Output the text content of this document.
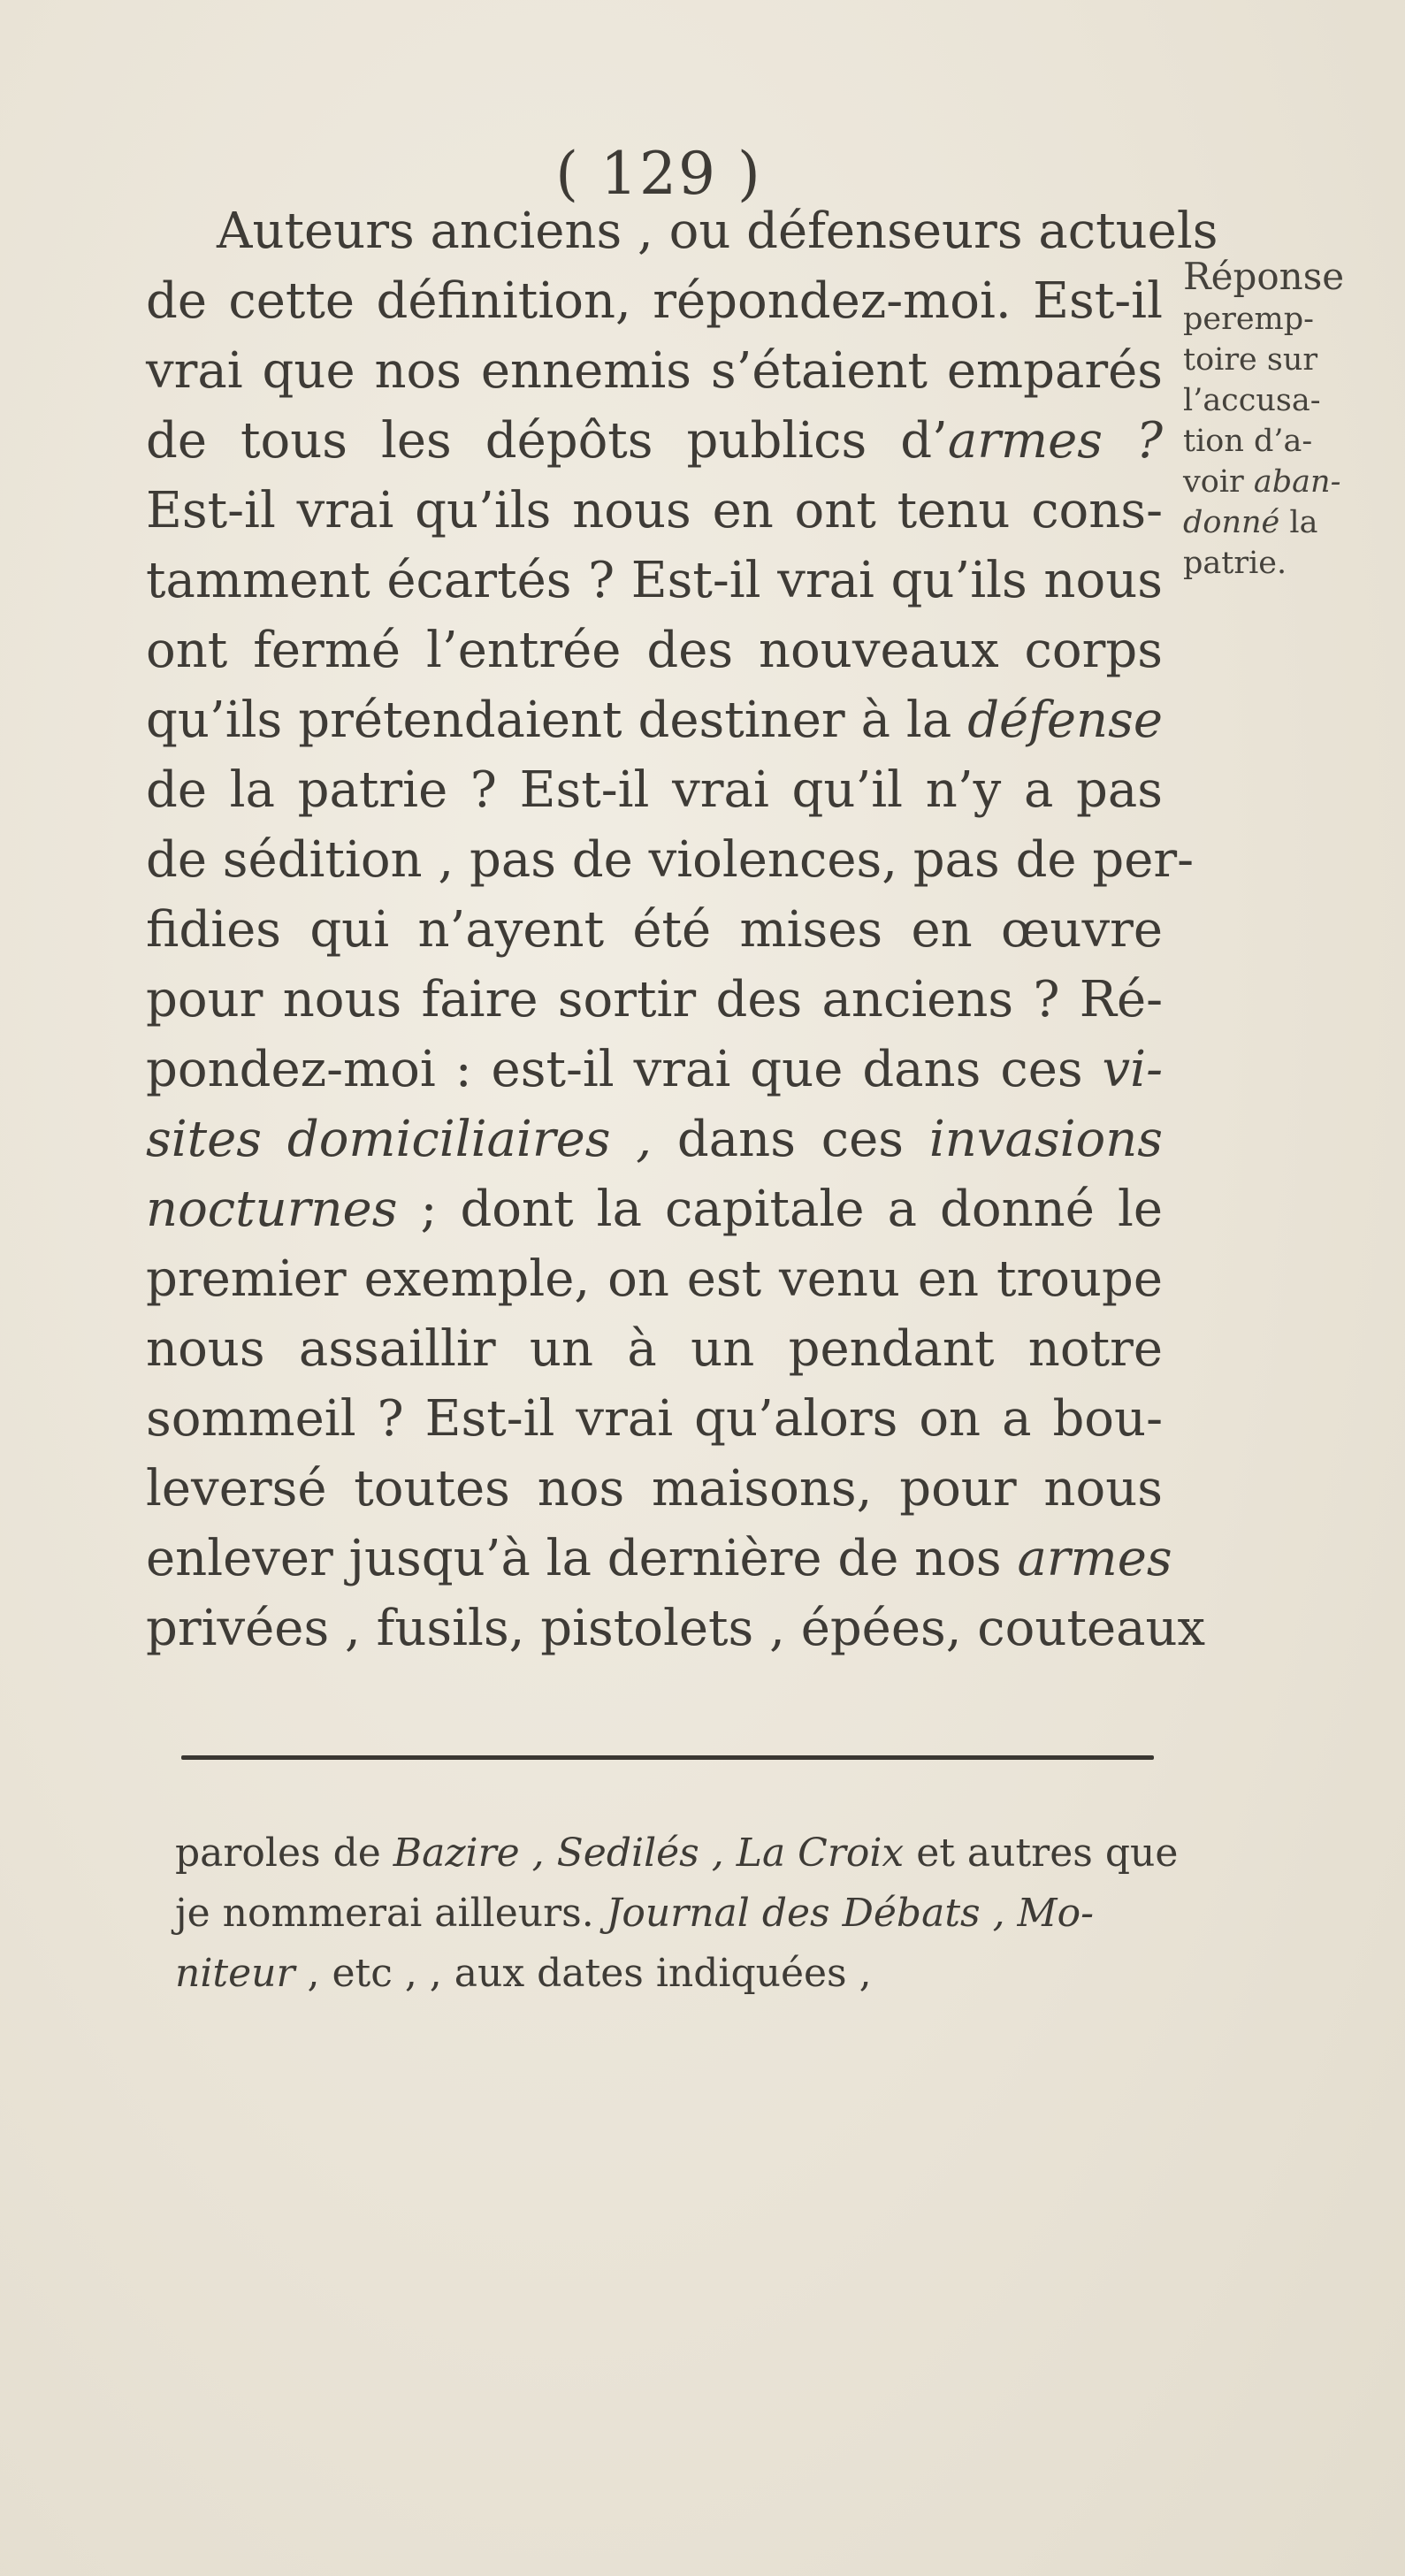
( 129 )
Auteurs anciens , ou défenseurs actuels
de cette définition, répondez-moi. Est-il
vrai que nos ennemis s’étaient emparés
de tous les dépôts publics d’armes ?
Est-il vrai qu’ils nous en ont tenu cons-
tamment écartés ? Est-il vrai qu’ils nous
ont fermé l’entrée des nouveaux corps
qu’ils prétendaient destiner à la défense
de la patrie ? Est-il vrai qu’il n’y a pas
de sédition , pas de violences, pas de per-
fidies qui n’ayent été mises en œuvre
pour nous faire sortir des anciens ? Ré-
pondez-moi : est-il vrai que dans ces vi-
sites domiciliaires , dans ces invasions
nocturnes ; dont la capitale a donné le
premier exemple, on est venu en troupe
nous assaillir un à un pendant notre
sommeil ? Est-il vrai qu’alors on a bou-
leversé toutes nos maisons, pour nous
enlever jusqu’à la dernière de nos armes
privées , fusils, pistolets , épées, couteaux
Réponse
peremp-
toire sur
l’accusa-
tion d’a-
voir aban-
donné la
patrie.
paroles de Bazire , Sedilés , La Croix et autres que
je nommerai ailleurs. Journal des Débats , Mo-
niteur , etc , , aux dates indiquées ,
